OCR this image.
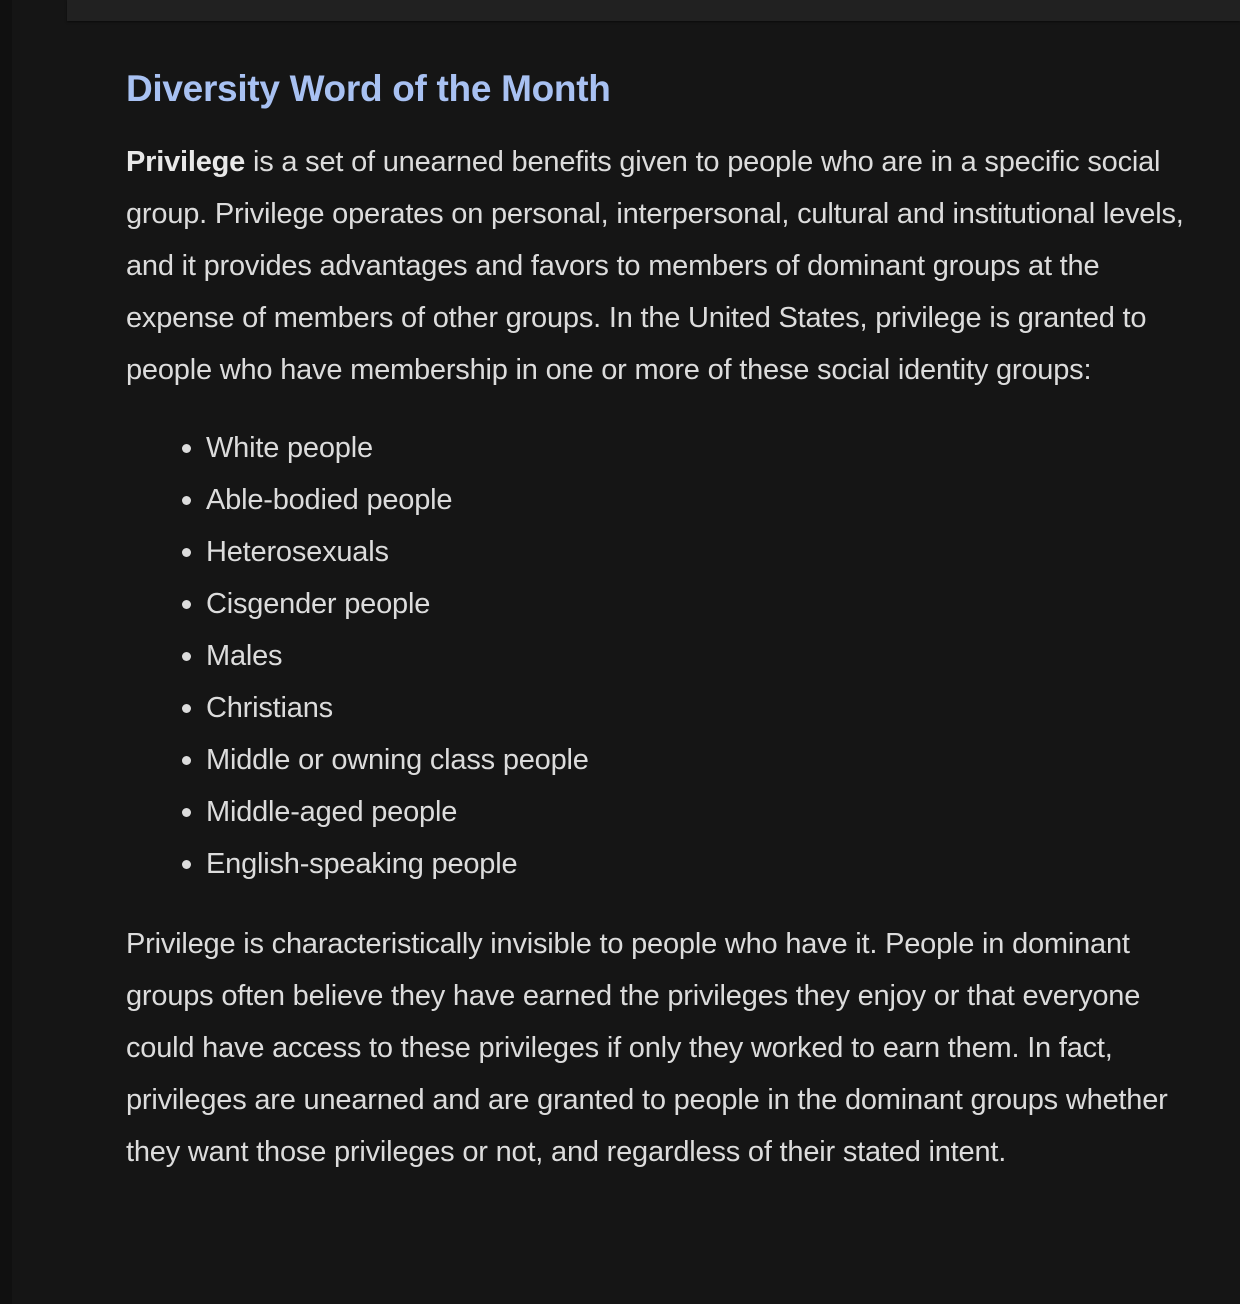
Diversity Word of the Month

Privilege is a set of unearned benefits given to people who are in a specific social group. Privilege operates on personal, interpersonal, cultural and institutional levels, and it provides advantages and favors to members of dominant groups at the expense of members of other groups. In the United States, privilege is granted to people who have membership in one or more of these social identity groups:

White people
Able-bodied people
Heterosexuals
Cisgender people
Males
Christians
Middle or owning class people
Middle-aged people
English-speaking people

Privilege is characteristically invisible to people who have it. People in dominant groups often believe they have earned the privileges they enjoy or that everyone could have access to these privileges if only they worked to earn them. In fact, privileges are unearned and are granted to people in the dominant groups whether they want those privileges or not, and regardless of their stated intent.
